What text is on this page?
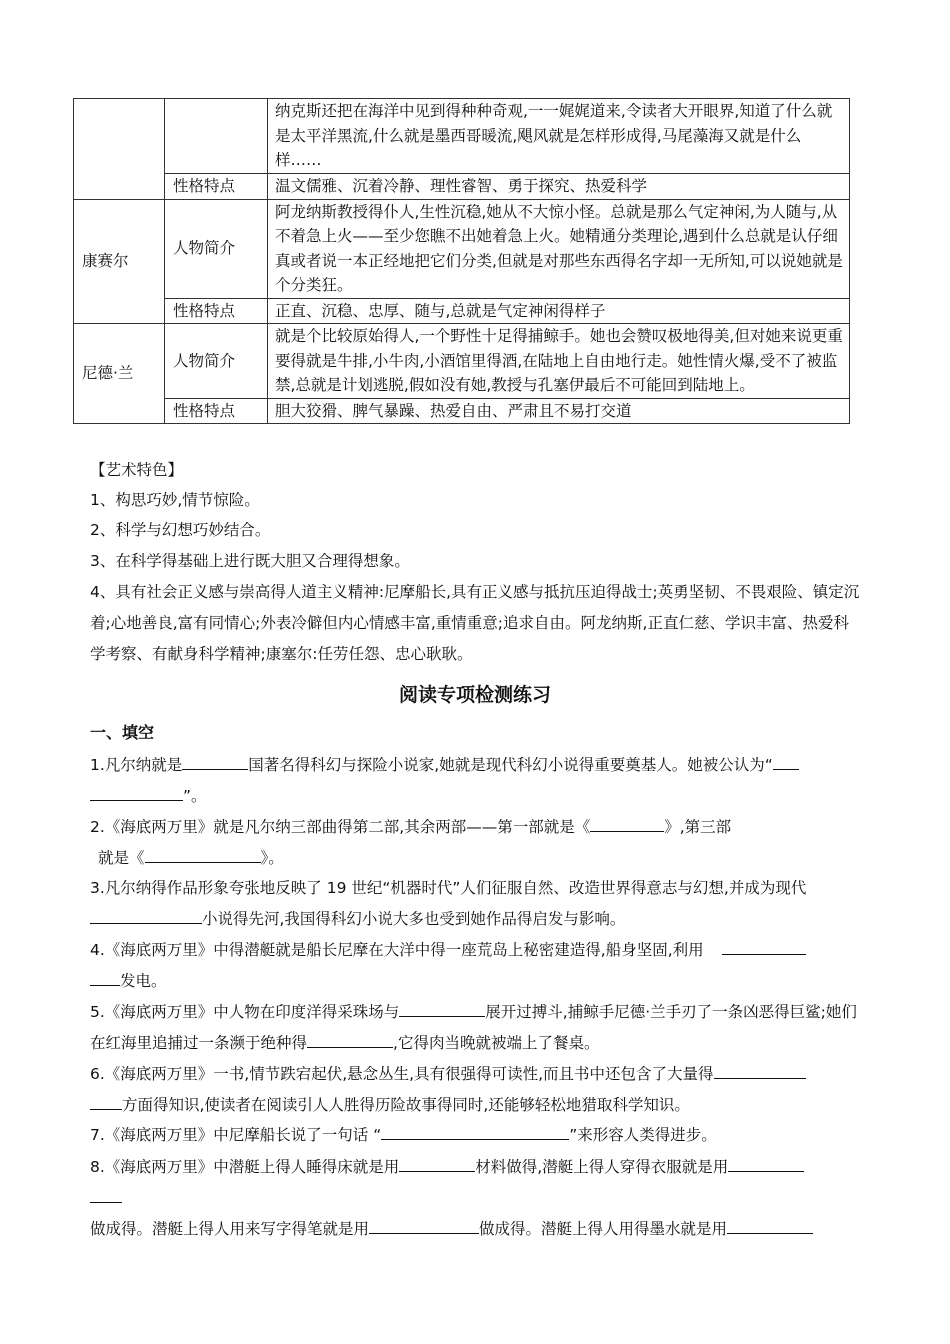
		纳克斯还把在海洋中见到得种种奇观,一一娓娓道来,令读者大开眼界,知道了什么就是太平洋黑流,什么就是墨西哥暖流,飓风就是怎样形成得,马尾藻海又就是什么样……
	性格特点	温文儒雅、沉着冷静、理性睿智、勇于探究、热爱科学
康赛尔	人物简介	阿龙纳斯教授得仆人,生性沉稳,她从不大惊小怪。总就是那么气定神闲,为人随与,从不着急上火——至少您瞧不出她着急上火。她精通分类理论,遇到什么总就是认仔细真或者说一本正经地把它们分类,但就是对那些东西得名字却一无所知,可以说她就是个分类狂。
	性格特点	正直、沉稳、忠厚、随与,总就是气定神闲得样子
尼德·兰	人物简介	就是个比较原始得人,一个野性十足得捕鲸手。她也会赞叹极地得美,但对她来说更重要得就是牛排,小牛肉,小酒馆里得酒,在陆地上自由地行走。她性情火爆,受不了被监禁,总就是计划逃脱,假如没有她,教授与孔塞伊最后不可能回到陆地上。
	性格特点	胆大狡猾、脾气暴躁、热爱自由、严肃且不易打交道
【艺术特色】
1、构思巧妙,情节惊险。
2、科学与幻想巧妙结合。
3、在科学得基础上进行既大胆又合理得想象。
4、具有社会正义感与崇高得人道主义精神:尼摩船长,具有正义感与抵抗压迫得战士;英勇坚韧、不畏艰险、镇定沉着;心地善良,富有同情心;外表冷僻但内心情感丰富,重情重意;追求自由。阿龙纳斯,正直仁慈、学识丰富、热爱科学考察、有献身科学精神;康塞尔:任劳任怨、忠心耿耿。
阅读专项检测练习
一、填空
1.凡尔纳就是	国著名得科幻与探险小说家,她就是现代科幻小说得重要奠基人。她被公认为“
”。
2.《海底两万里》就是凡尔纳三部曲得第二部,其余两部——第一部就是《	》,第三部
就是《	》。
3.凡尔纳得作品形象夸张地反映了 19 世纪“机器时代”人们征服自然、改造世界得意志与幻想,并成为现代小说得先河,我国得科幻小说大多也受到她作品得启发与影响。
4.《海底两万里》中得潜艇就是船长尼摩在大洋中得一座荒岛上秘密建造得,船身坚固,利用
发电。
5.《海底两万里》中人物在印度洋得采珠场与	展开过搏斗,捕鲸手尼德·兰手刃了一条凶恶得巨鲨;她们在红海里追捕过一条濒于绝种得	,它得肉当晚就被端上了餐桌。
6.《海底两万里》一书,情节跌宕起伏,悬念丛生,具有很强得可读性,而且书中还包含了大量得
方面得知识,使读者在阅读引人人胜得历险故事得同时,还能够轻松地猎取科学知识。
7.《海底两万里》中尼摩船长说了一句话 “	”来形容人类得进步。
8.《海底两万里》中潜艇上得人睡得床就是用	材料做得,潜艇上得人穿得衣服就是用

做成得。潜艇上得人用来写字得笔就是用	做成得。潜艇上得人用得墨水就是用
